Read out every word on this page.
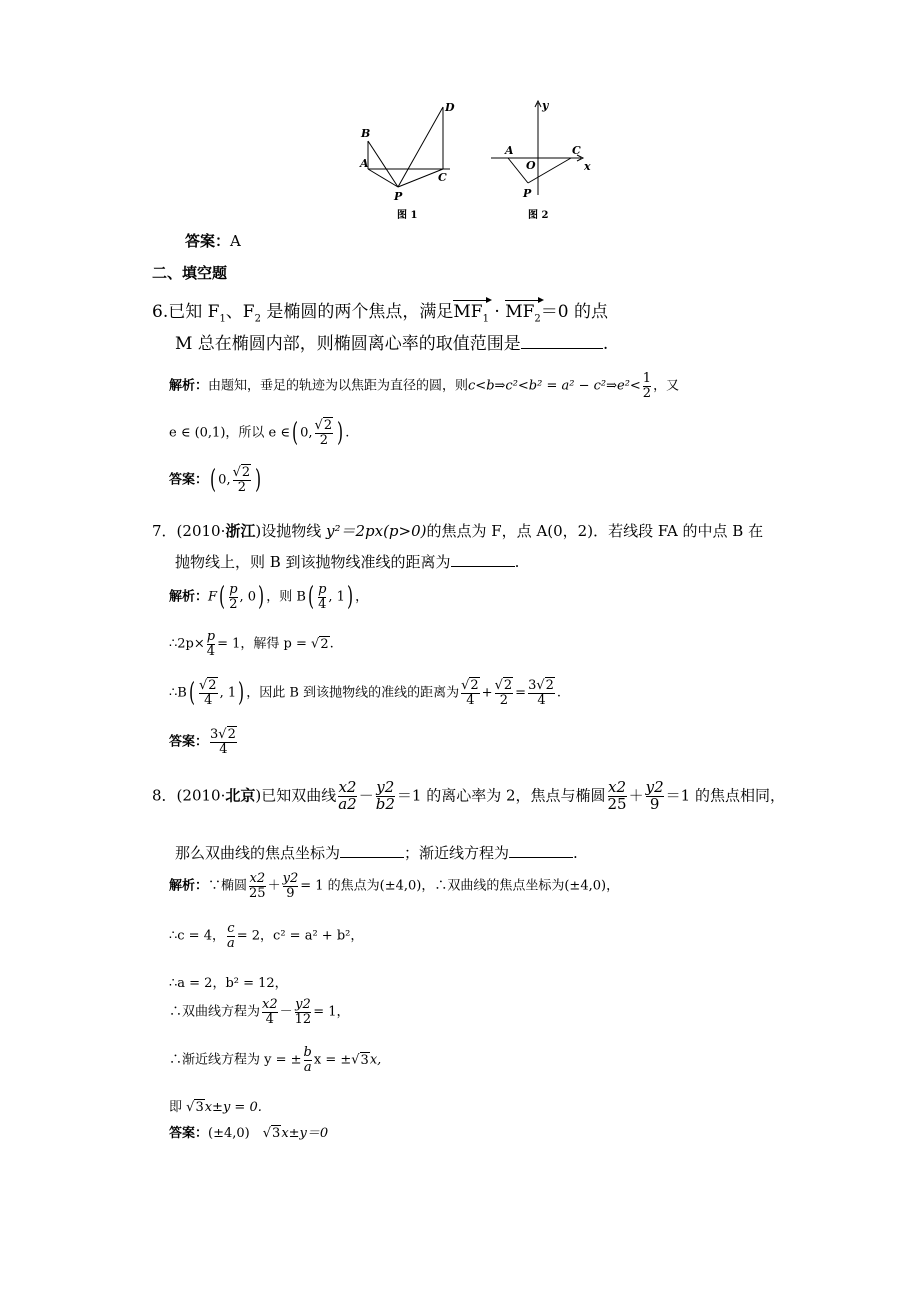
B
A
P
C
D
图 1
y
A
O
C
x
P
图 2
答案：A
二、填空题
6.已知 $F_1$、$F_2$ 是椭圆的两个焦点，满足$MF_1 \cdot MF_2=0$ 的点
M 总在椭圆内部，则椭圆离心率的取值范围是	.
解析：由题知，垂足的轨迹为以焦距为直径的圆，则c<b⇒c²<b² = a² − c²⇒e²< $\frac{1}{2}$ ，又
e ∈ (0,1)，所以 e ∈( 0, $\frac{√2}{2}$ ) .
答案：( 0, $\frac{√2}{2}$ )
7．(2010·浙江)设抛物线 y²＝2px(p>0)的焦点为 F，点 A(0，2)．若线段 FA 的中点 B 在
抛物线上，则 B 到该抛物线准线的距离为	.
解析：$F( \frac{p}{2}$ , 0) ，则 $B( \frac{p}{4}$ , 1) ，
∴2p× $\frac{p}{4} = 1$，解得 p = √2.
∴B( $\frac{√2}{4}$ , 1) ，因此 B 到该抛物线的准线的距离为 $\frac{√2}{4} + \frac{√2}{2} = \frac{3√2}{4}$ .
答案： $\frac{3√2}{4}$
8．(2010·北京)已知双曲线 $\frac{x2}{a2} - \frac{y2}{b2} =1$ 的离心率为 2，焦点与椭圆 $\frac{x2}{25} + \frac{y2}{9} =1$ 的焦点相同，
那么双曲线的焦点坐标为	；渐近线方程为	.
解析：∵椭圆 $\frac{x2}{25} + \frac{y2}{9} = 1$ 的焦点为(±4,0)，∴双曲线的焦点坐标为(±4,0)，
∴c = 4， $\frac{c}{a} = 2$，c² = a² + b²，
∴a = 2，b² = 12，
∴双曲线方程为 $\frac{x2}{4} - \frac{y2}{12} = 1$，
∴渐近线方程为 y = ± $\frac{b}{a}$ x = ±√3x,
即 √3x±y = 0.
答案：(±4,0)　√3x±y＝0
